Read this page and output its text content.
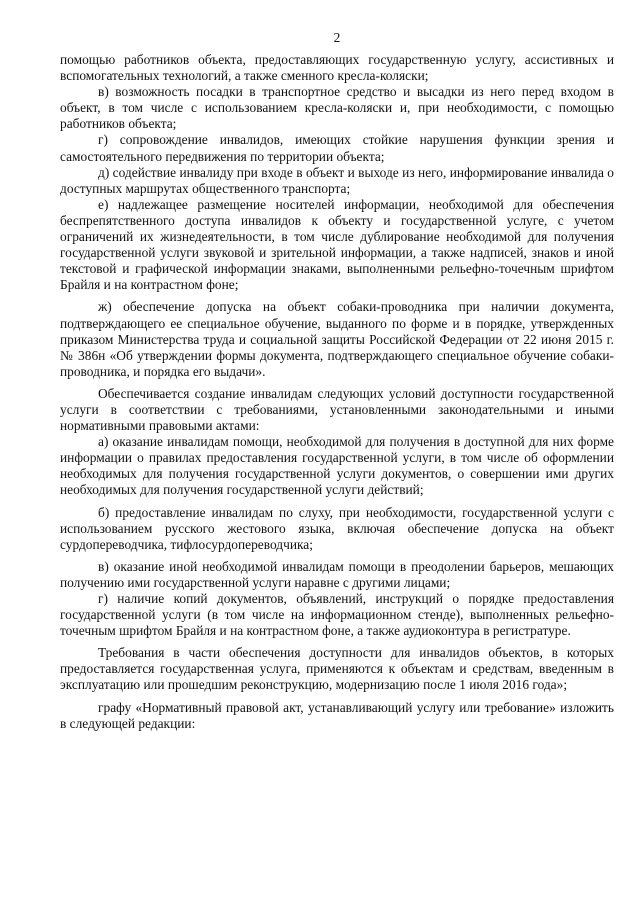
2

помощью работников объекта, предоставляющих государственную услугу, ассистивных и вспомогательных технологий, а также сменного кресла-коляски;

в) возможность посадки в транспортное средство и высадки из него перед входом в объект, в том числе с использованием кресла-коляски и, при необходимости, с помощью работников объекта;

г) сопровождение инвалидов, имеющих стойкие нарушения функции зрения и самостоятельного передвижения по территории объекта;

д) содействие инвалиду при входе в объект и выходе из него, информирование инвалида о доступных маршрутах общественного транспорта;

е) надлежащее размещение носителей информации, необходимой для обеспечения беспрепятственного доступа инвалидов к объекту и государственной услуге, с учетом ограничений их жизнедеятельности, в том числе дублирование необходимой для получения государственной услуги звуковой и зрительной информации, а также надписей, знаков и иной текстовой и графической информации знаками, выполненными рельефно-точечным шрифтом Брайля и на контрастном фоне;

ж) обеспечение допуска на объект собаки-проводника при наличии документа, подтверждающего ее специальное обучение, выданного по форме и в порядке, утвержденных приказом Министерства труда и социальной защиты Российской Федерации от 22 июня 2015 г. № 386н «Об утверждении формы документа, подтверждающего специальное обучение собаки-проводника, и порядка его выдачи».

Обеспечивается создание инвалидам следующих условий доступности государственной услуги в соответствии с требованиями, установленными законодательными и иными нормативными правовыми актами:

а) оказание инвалидам помощи, необходимой для получения в доступной для них форме информации о правилах предоставления государственной услуги, в том числе об оформлении необходимых для получения государственной услуги документов, о совершении ими других необходимых для получения государственной услуги действий;

б) предоставление инвалидам по слуху, при необходимости, государственной услуги с использованием русского жестового языка, включая обеспечение допуска на объект сурдопереводчика, тифлосурдопереводчика;

в) оказание иной необходимой инвалидам помощи в преодолении барьеров, мешающих получению ими государственной услуги наравне с другими лицами;

г) наличие копий документов, объявлений, инструкций о порядке предоставления государственной услуги (в том числе на информационном стенде), выполненных рельефно-точечным шрифтом Брайля и на контрастном фоне, а также аудиоконтура в регистратуре.

Требования в части обеспечения доступности для инвалидов объектов, в которых предоставляется государственная услуга, применяются к объектам и средствам, введенным в эксплуатацию или прошедшим реконструкцию, модернизацию после 1 июля 2016 года»;

графу «Нормативный правовой акт, устанавливающий услугу или требование» изложить в следующей редакции:
